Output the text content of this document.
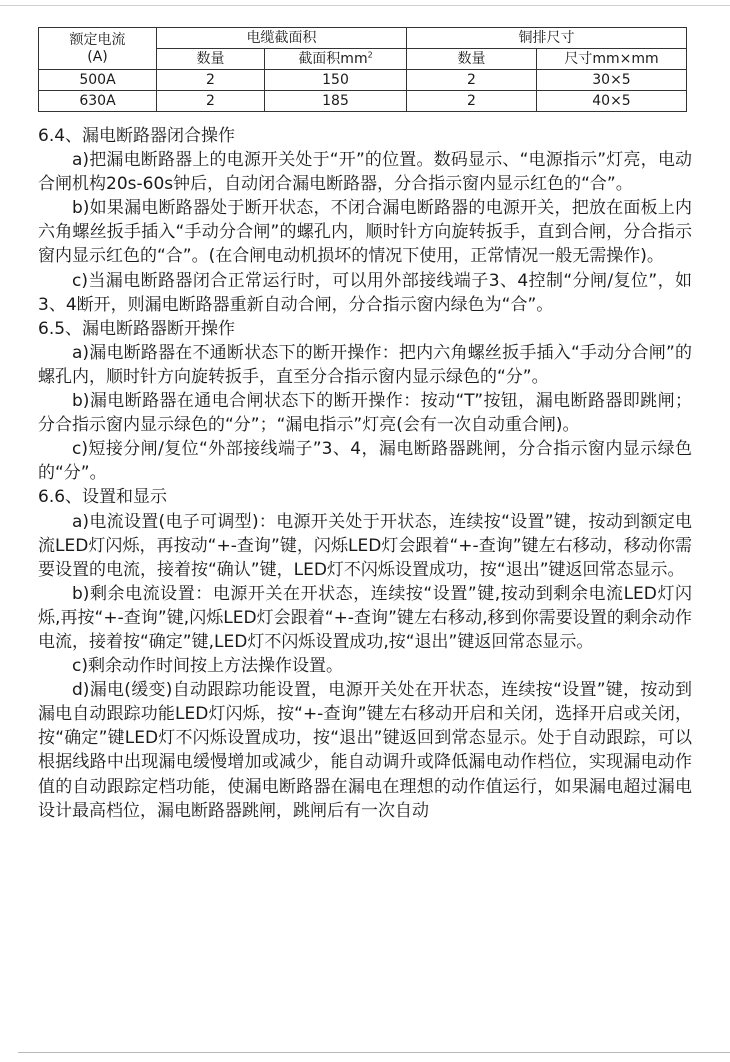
额定电流
(A)	电缆截面积		铜排尺寸	
	数量	截面积$mm^2$	数量	尺寸mm×mm
500A	2	150	2	30×5
630A	2	185	2	40×5

6.4、漏电断路器闭合操作

a)把漏电断路器上的电源开关处于“开”的位置。数码显示、“电源指示”灯亮，电动合闸机构20s-60s钟后，自动闭合漏电断路器，分合指示窗内显示红色的“合”。

b)如果漏电断路器处于断开状态，不闭合漏电断路器的电源开关，把放在面板上内六角螺丝扳手插入“手动分合闸”的螺孔内，顺时针方向旋转扳手，直到合闸，分合指示窗内显示红色的“合”。(在合闸电动机损坏的情况下使用，正常情况一般无需操作)。

c)当漏电断路器闭合正常运行时，可以用外部接线端子3、4控制“分闸/复位”，如3、4断开，则漏电断路器重新自动合闸，分合指示窗内绿色为“合”。

6.5、漏电断路器断开操作

a)漏电断路器在不通断状态下的断开操作：把内六角螺丝扳手插入“手动分合闸”的螺孔内，顺时针方向旋转扳手，直至分合指示窗内显示绿色的“分”。

b)漏电断路器在通电合闸状态下的断开操作：按动“T”按钮，漏电断路器即跳闸；分合指示窗内显示绿色的“分”；“漏电指示”灯亮(会有一次自动重合闸)。

c)短接分闸/复位“外部接线端子”3、4，漏电断路器跳闸，分合指示窗内显示绿色的“分”。

6.6、设置和显示

a)电流设置(电子可调型)：电源开关处于开状态，连续按“设置”键，按动到额定电流LED灯闪烁，再按动“+-查询”键，闪烁LED灯会跟着“+-查询”键左右移动，移动你需要设置的电流，接着按“确认”键，LED灯不闪烁设置成功，按“退出”键返回常态显示。

b)剩余电流设置：电源开关在开状态，连续按“设置”键,按动到剩余电流LED灯闪烁,再按“+-查询”键,闪烁LED灯会跟着“+-查询”键左右移动,移到你需要设置的剩余动作电流，接着按“确定”键,LED灯不闪烁设置成功,按“退出”键返回常态显示。

c)剩余动作时间按上方法操作设置。

d)漏电(缓变)自动跟踪功能设置，电源开关处在开状态，连续按“设置”键，按动到漏电自动跟踪功能LED灯闪烁，按“+-查询”键左右移动开启和关闭，选择开启或关闭，按“确定”键LED灯不闪烁设置成功，按“退出”键返回到常态显示。处于自动跟踪，可以根据线路中出现漏电缓慢增加或减少，能自动调升或降低漏电动作档位，实现漏电动作值的自动跟踪定档功能，使漏电断路器在漏电在理想的动作值运行，如果漏电超过漏电设计最高档位，漏电断路器跳闸，跳闸后有一次自动
